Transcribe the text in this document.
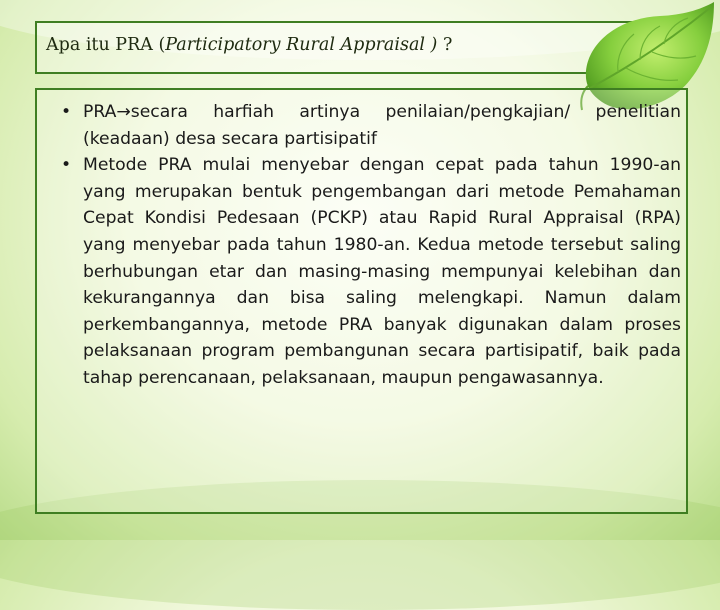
Apa itu PRA (Participatory Rural Appraisal ) ?
• PRA→secara harfiah artinya penilaian/pengkajian/ penelitian (keadaan) desa secara partisipatif
• Metode PRA mulai menyebar dengan cepat pada tahun 1990-an yang merupakan bentuk pengembangan dari metode Pemahaman Cepat Kondisi Pedesaan (PCKP) atau Rapid Rural Appraisal (RPA) yang menyebar pada tahun 1980-an. Kedua metode tersebut saling berhubungan etar dan masing-masing mempunyai kelebihan dan kekurangannya dan bisa saling melengkapi. Namun dalam perkembangannya, metode PRA banyak digunakan dalam proses pelaksanaan program pembangunan secara partisipatif, baik pada tahap perencanaan, pelaksanaan, maupun pengawasannya.
